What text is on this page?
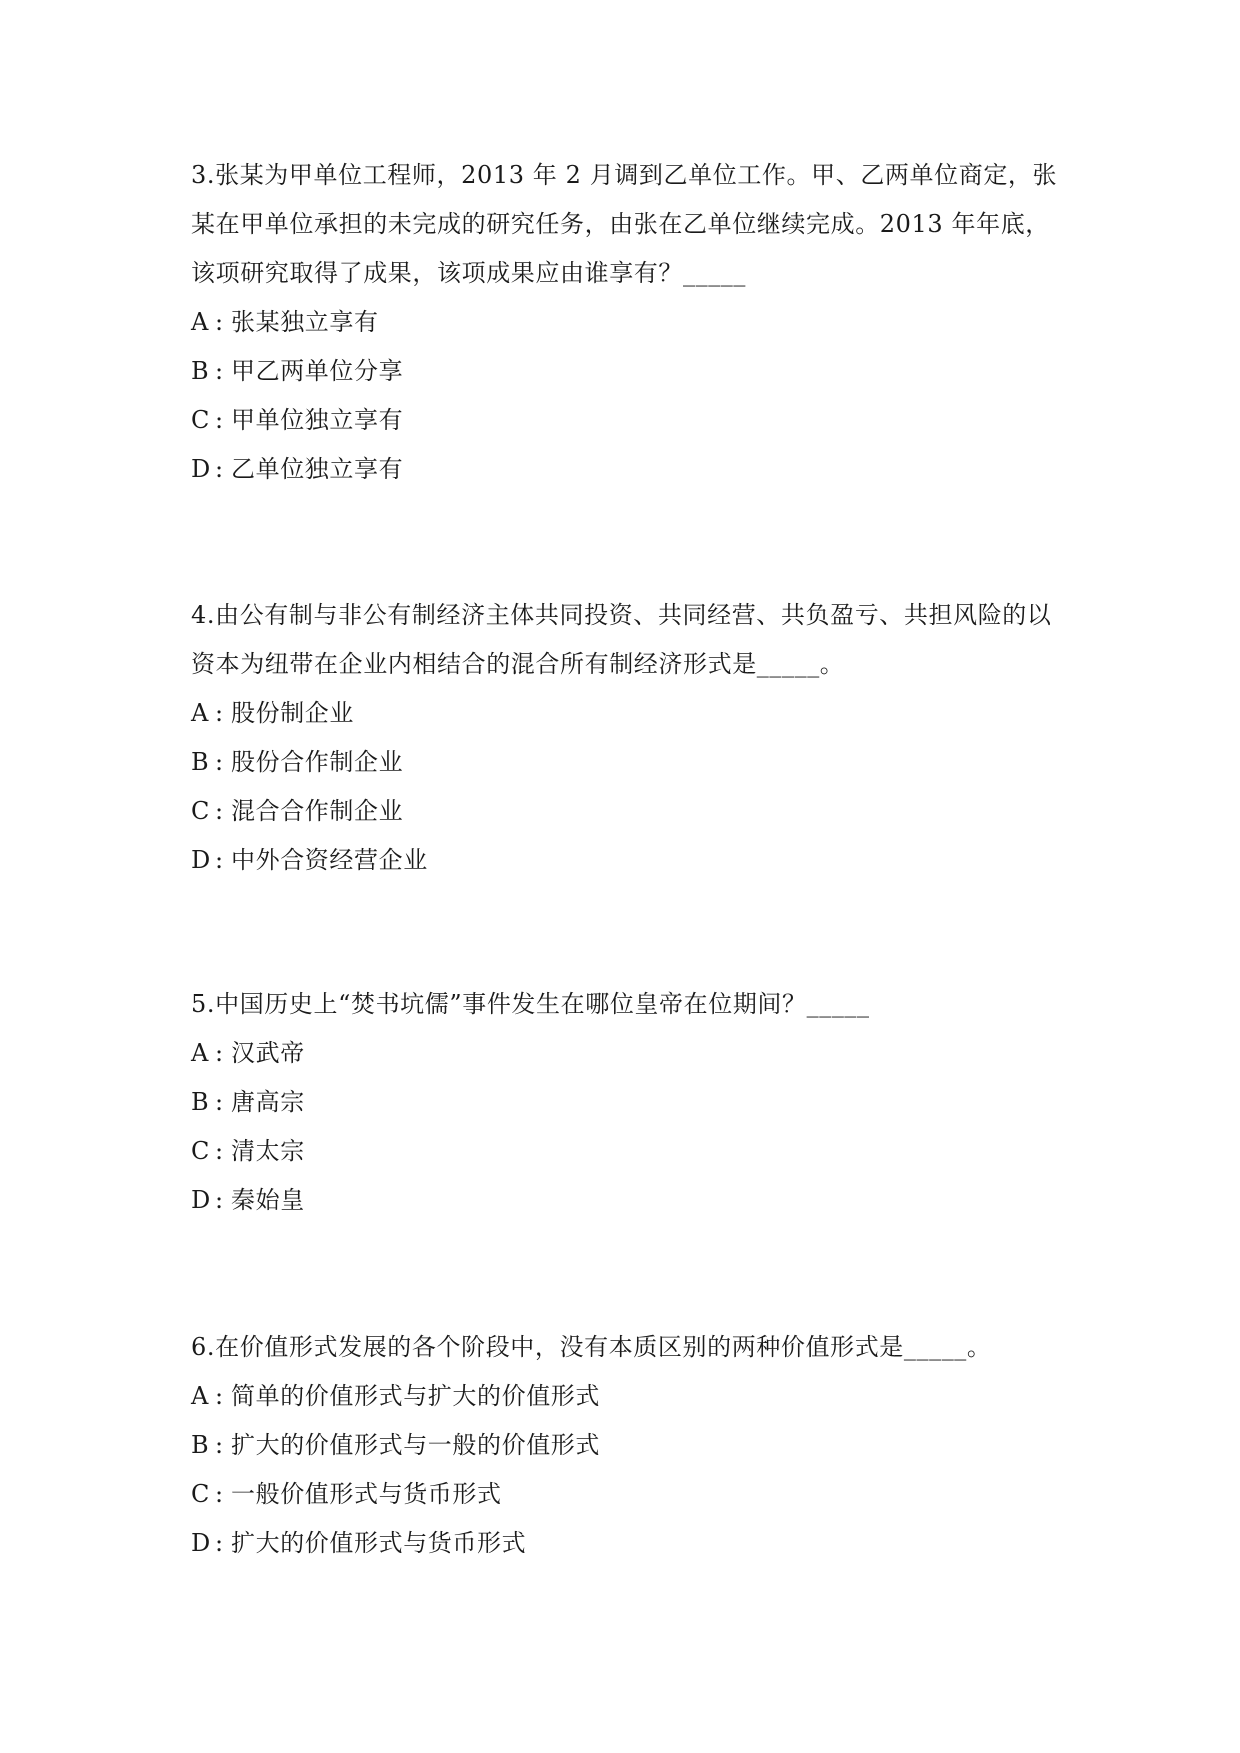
3.张某为甲单位工程师，2013 年 2 月调到乙单位工作。甲、乙两单位商定，张某在甲单位承担的未完成的研究任务，由张在乙单位继续完成。2013 年年底，该项研究取得了成果，该项成果应由谁享有？_____

A : 张某独立享有

B : 甲乙两单位分享

C : 甲单位独立享有

D : 乙单位独立享有

4.由公有制与非公有制经济主体共同投资、共同经营、共负盈亏、共担风险的以资本为纽带在企业内相结合的混合所有制经济形式是_____。

A : 股份制企业

B : 股份合作制企业

C : 混合合作制企业

D : 中外合资经营企业

5.中国历史上“焚书坑儒”事件发生在哪位皇帝在位期间？_____

A : 汉武帝

B : 唐高宗

C : 清太宗

D : 秦始皇

6.在价值形式发展的各个阶段中，没有本质区别的两种价值形式是_____。

A : 简单的价值形式与扩大的价值形式

B : 扩大的价值形式与一般的价值形式

C : 一般价值形式与货币形式

D : 扩大的价值形式与货币形式
